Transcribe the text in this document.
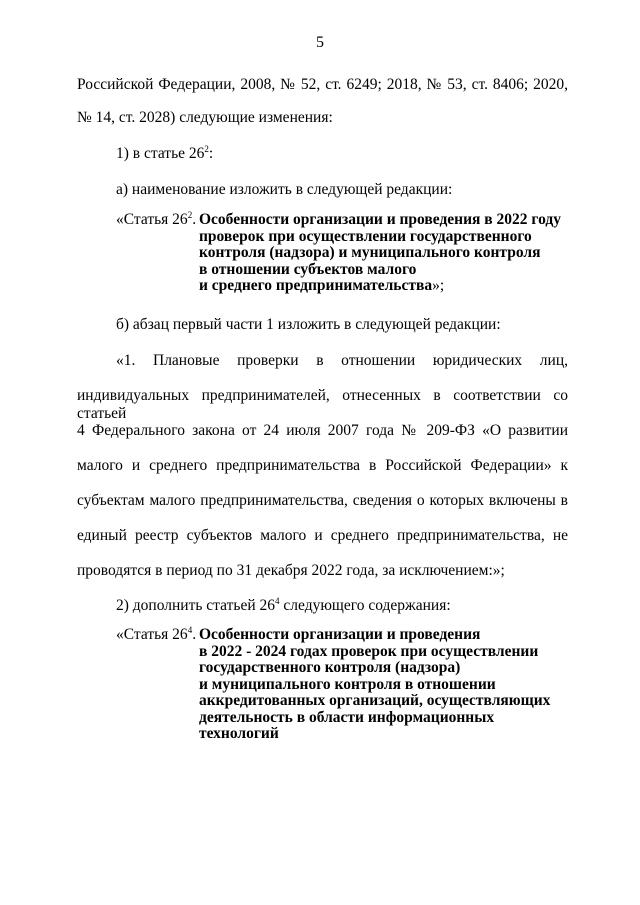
5
Российской Федерации, 2008, № 52, ст. 6249; 2018, № 53, ст. 8406; 2020,
№ 14, ст. 2028) следующие изменения:
1) в статье $26^2$:
а) наименование изложить в следующей редакции:
«Статья $26^2$. Особенности организации и проведения в 2022 году
проверок при осуществлении государственного
контроля (надзора) и муниципального контроля
в отношении субъектов малого
и среднего предпринимательства»;
б) абзац первый части 1 изложить в следующей редакции:
«1. Плановые проверки в отношении юридических лиц,
индивидуальных предпринимателей, отнесенных в соответствии со статьей
4 Федерального закона от 24 июля 2007 года № 209-ФЗ «О развитии
малого и среднего предпринимательства в Российской Федерации» к
субъектам малого предпринимательства, сведения о которых включены в
единый реестр субъектов малого и среднего предпринимательства, не
проводятся в период по 31 декабря 2022 года, за исключением:»;
2) дополнить статьей $26^4$ следующего содержания:
«Статья $26^4$. Особенности организации и проведения
в 2022 - 2024 годах проверок при осуществлении
государственного контроля (надзора)
и муниципального контроля в отношении
аккредитованных организаций, осуществляющих
деятельность в области информационных
технологий
